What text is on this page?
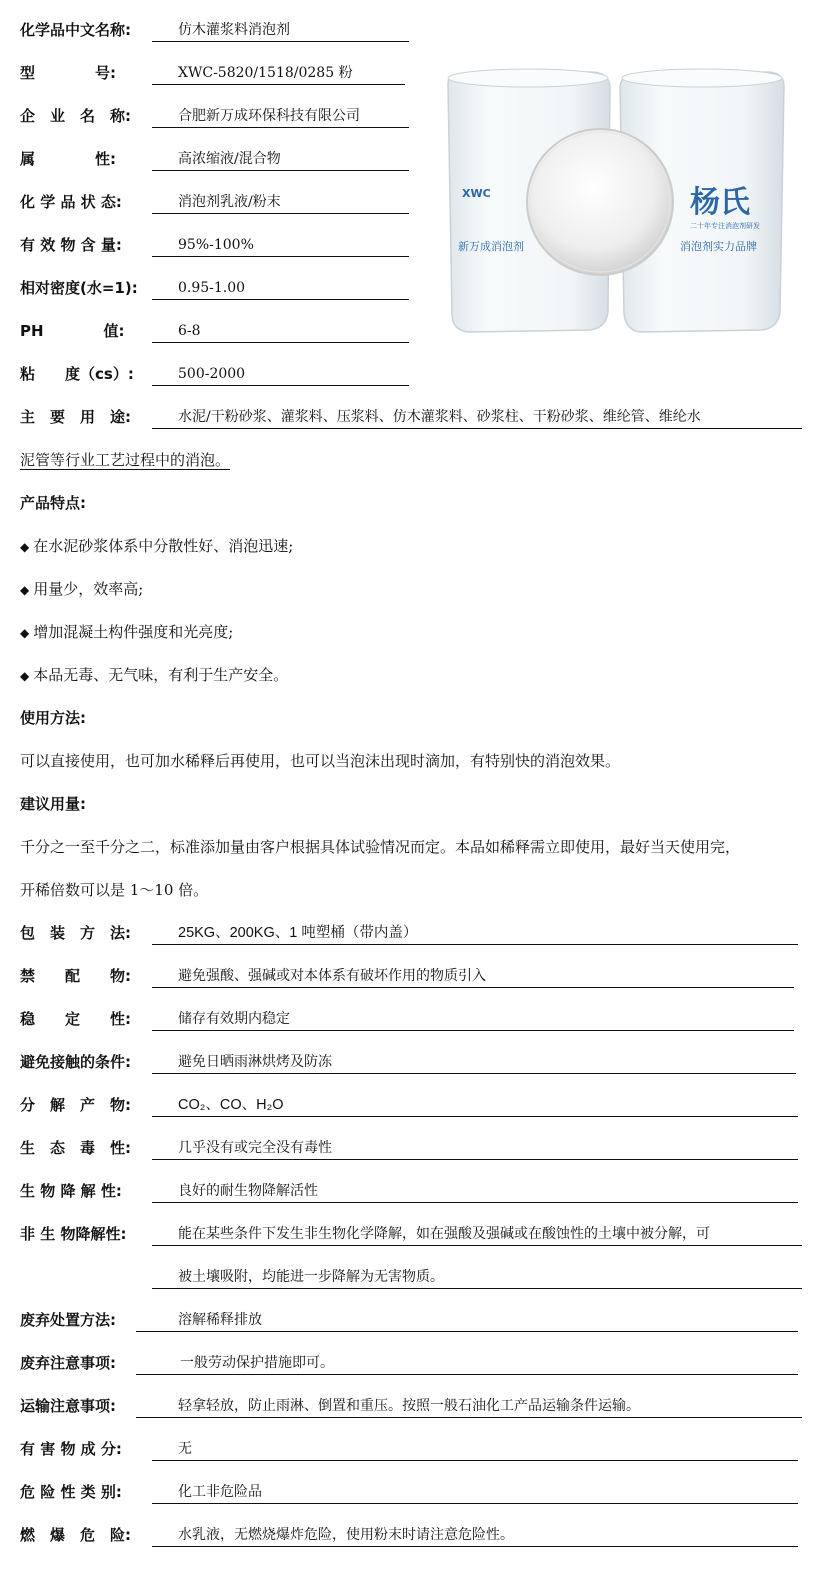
化学品中文名称:	仿木灌浆料消泡剂
型　　　　号:	XWC-5820/1518/0285 粉
企　业　名　称:	合肥新万成环保科技有限公司
属　　　　性:	高浓缩液/混合物
化 学 品 状 态:	消泡剂乳液/粉末
有 效 物 含 量:	95%-100%
相对密度(水=1):	0.95-1.00
PH　　　　值:	6-8
粘　　度（cs）:	500-2000
XWC
新万成消泡剂
杨氏
二十年专注消泡剂研发
消泡剂实力品牌
主　要　用　途:	水泥/干粉砂浆、灌浆料、压浆料、仿木灌浆料、砂浆柱、干粉砂浆、维纶管、维纶水
泥管等行业工艺过程中的消泡。
产品特点:
◆ 在水泥砂浆体系中分散性好、消泡迅速;
◆ 用量少，效率高;
◆ 增加混凝土构件强度和光亮度;
◆ 本品无毒、无气味，有利于生产安全。
使用方法:
可以直接使用，也可加水稀释后再使用，也可以当泡沫出现时滴加，有特别快的消泡效果。
建议用量:
千分之一至千分之二，标准添加量由客户根据具体试验情况而定。本品如稀释需立即使用，最好当天使用完，
开稀倍数可以是 1～10 倍。
包　装　方　法:	25KG、200KG、1 吨塑桶（带内盖）
禁　　配　　物:	避免强酸、强碱或对本体系有破坏作用的物质引入
稳　　定　　性:	储存有效期内稳定
避免接触的条件:	避免日晒雨淋烘烤及防冻
分　解　产　物:	CO₂、CO、H₂O
生　态　毒　性:	几乎没有或完全没有毒性
生 物 降 解 性:	良好的耐生物降解活性
非 生 物降解性:	能在某些条件下发生非生物化学降解，如在强酸及强碱或在酸蚀性的土壤中被分解，可
被土壤吸附，均能进一步降解为无害物质。
废弃处置方法:	溶解稀释排放
废弃注意事项:	一般劳动保护措施即可。
运输注意事项:	轻拿轻放，防止雨淋、倒置和重压。按照一般石油化工产品运输条件运输。
有 害 物 成 分:	无
危 险 性 类 别:	化工非危险品
燃　爆　危　险:	水乳液，无燃烧爆炸危险，使用粉末时请注意危险性。
